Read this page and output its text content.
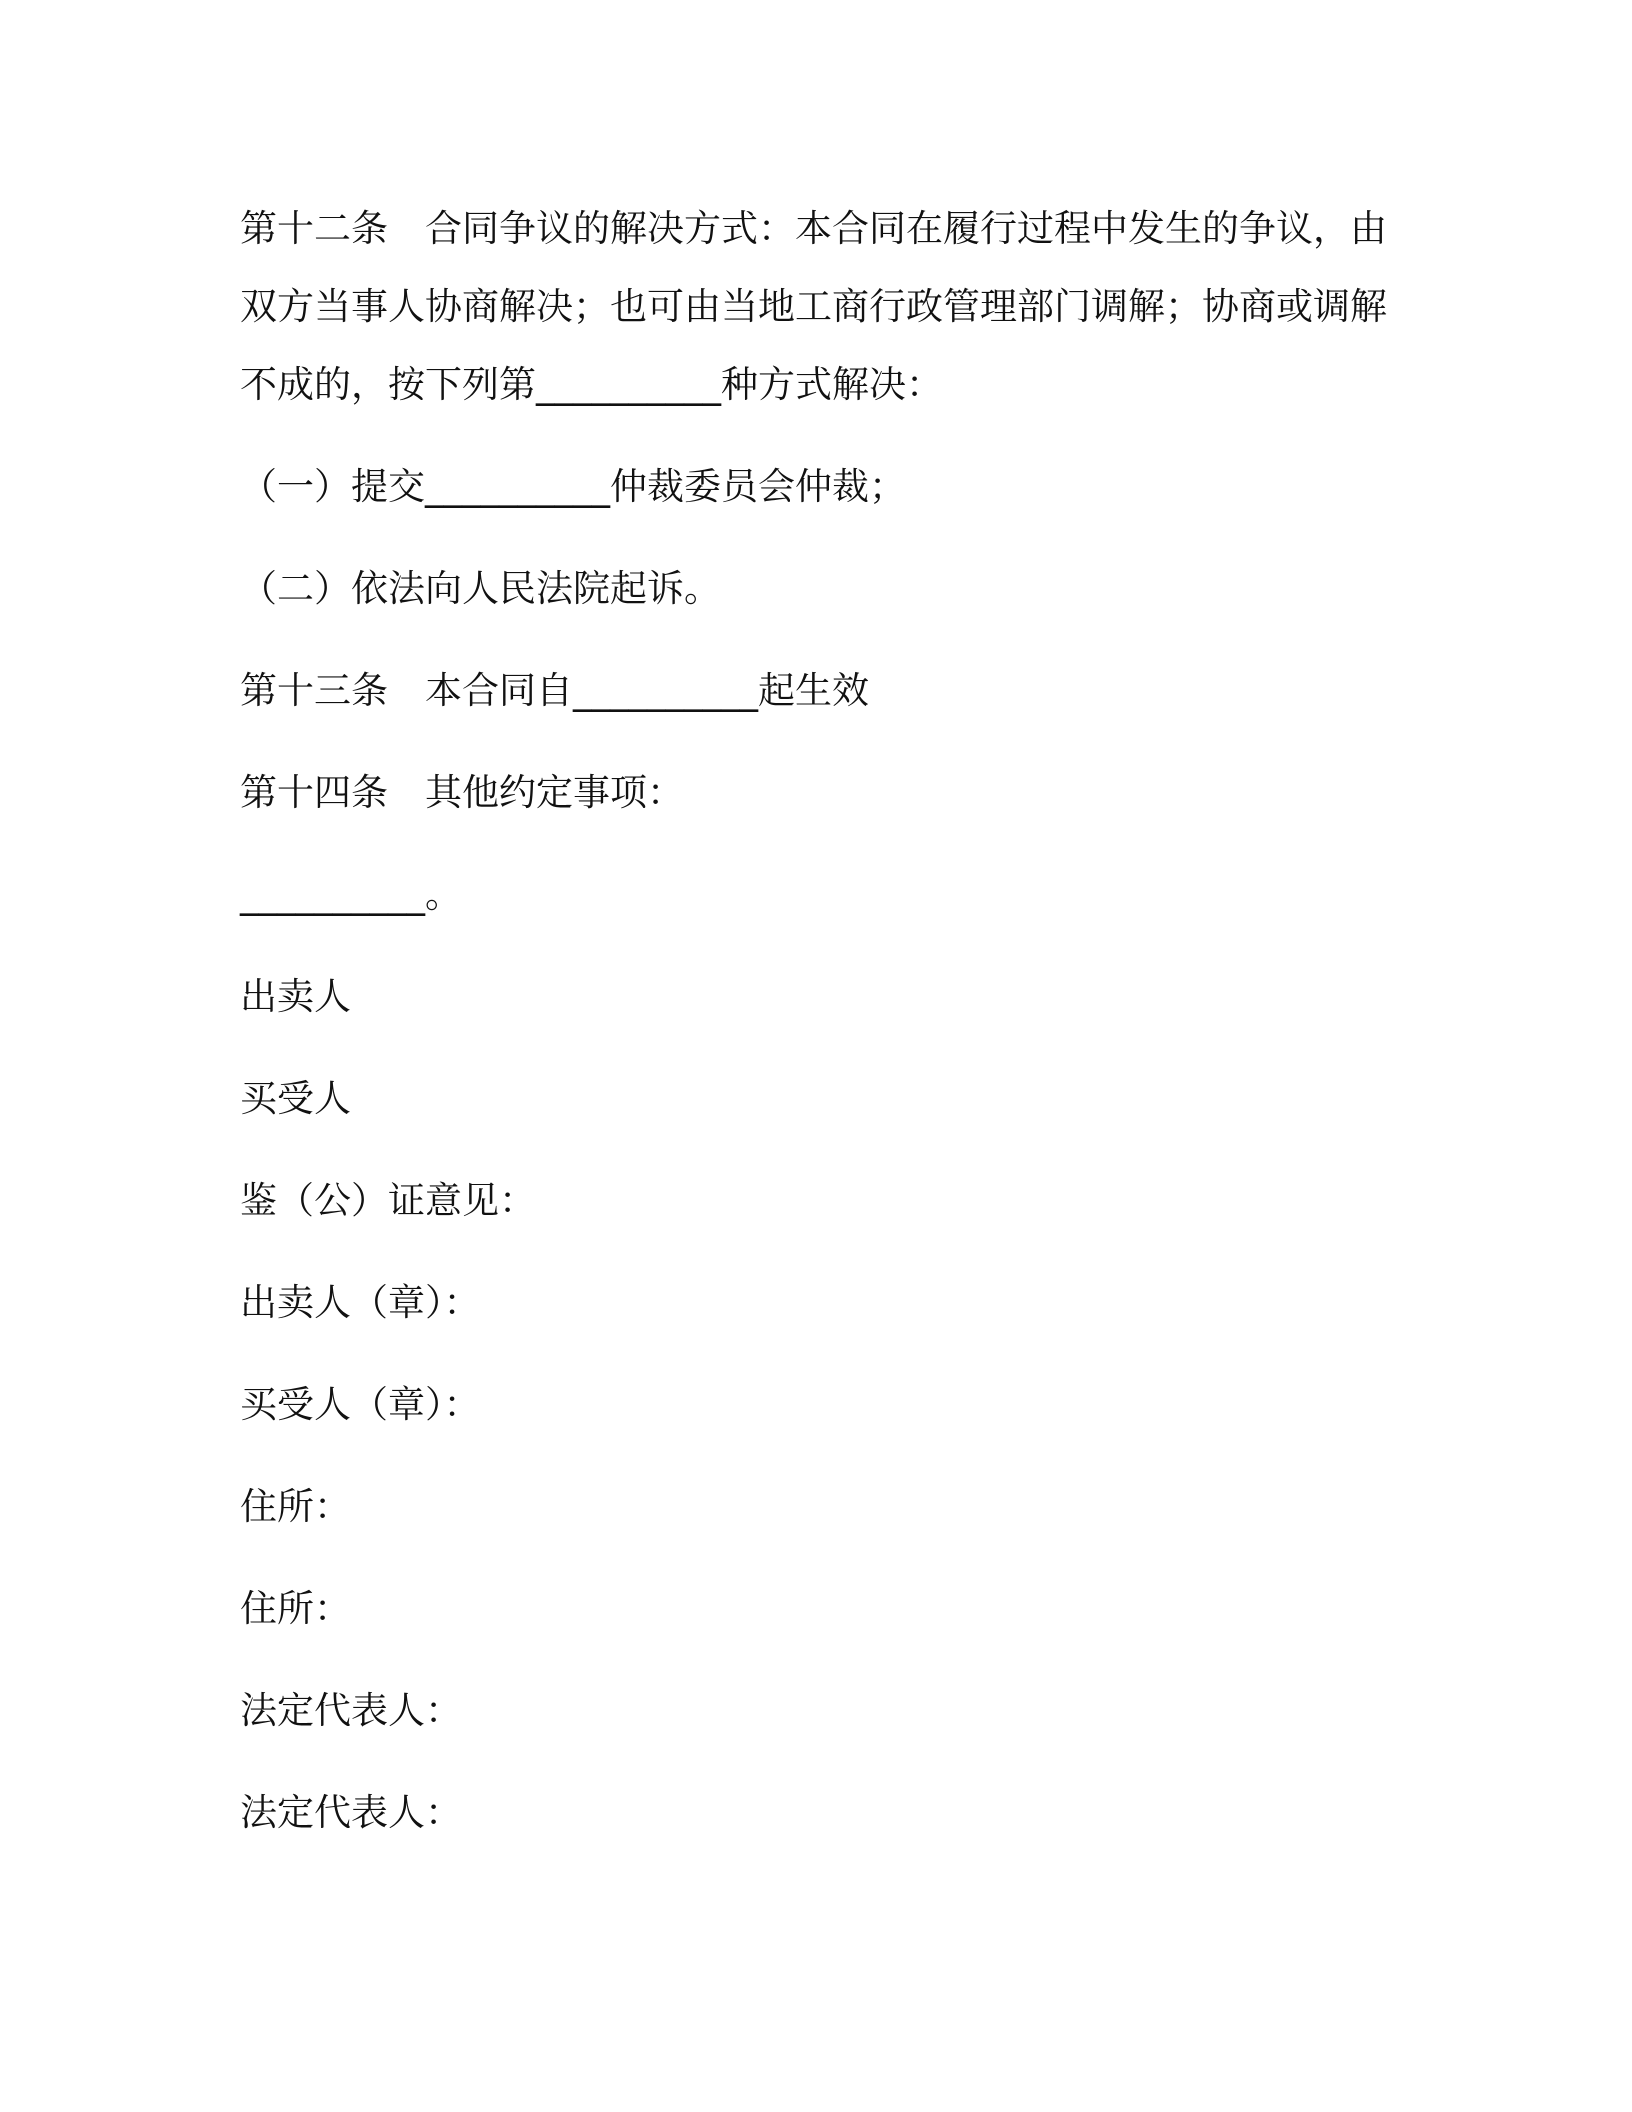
第十二条　合同争议的解决方式：本合同在履行过程中发生的争议，由双方当事人协商解决；也可由当地工商行政管理部门调解；协商或调解不成的，按下列第__________种方式解决：

（一）提交__________仲裁委员会仲裁；

（二）依法向人民法院起诉。

第十三条　本合同自__________起生效

第十四条　其他约定事项：

__________。

出卖人

买受人

鉴（公）证意见：

出卖人（章）：

买受人（章）：

住所：

住所：

法定代表人：

法定代表人：
